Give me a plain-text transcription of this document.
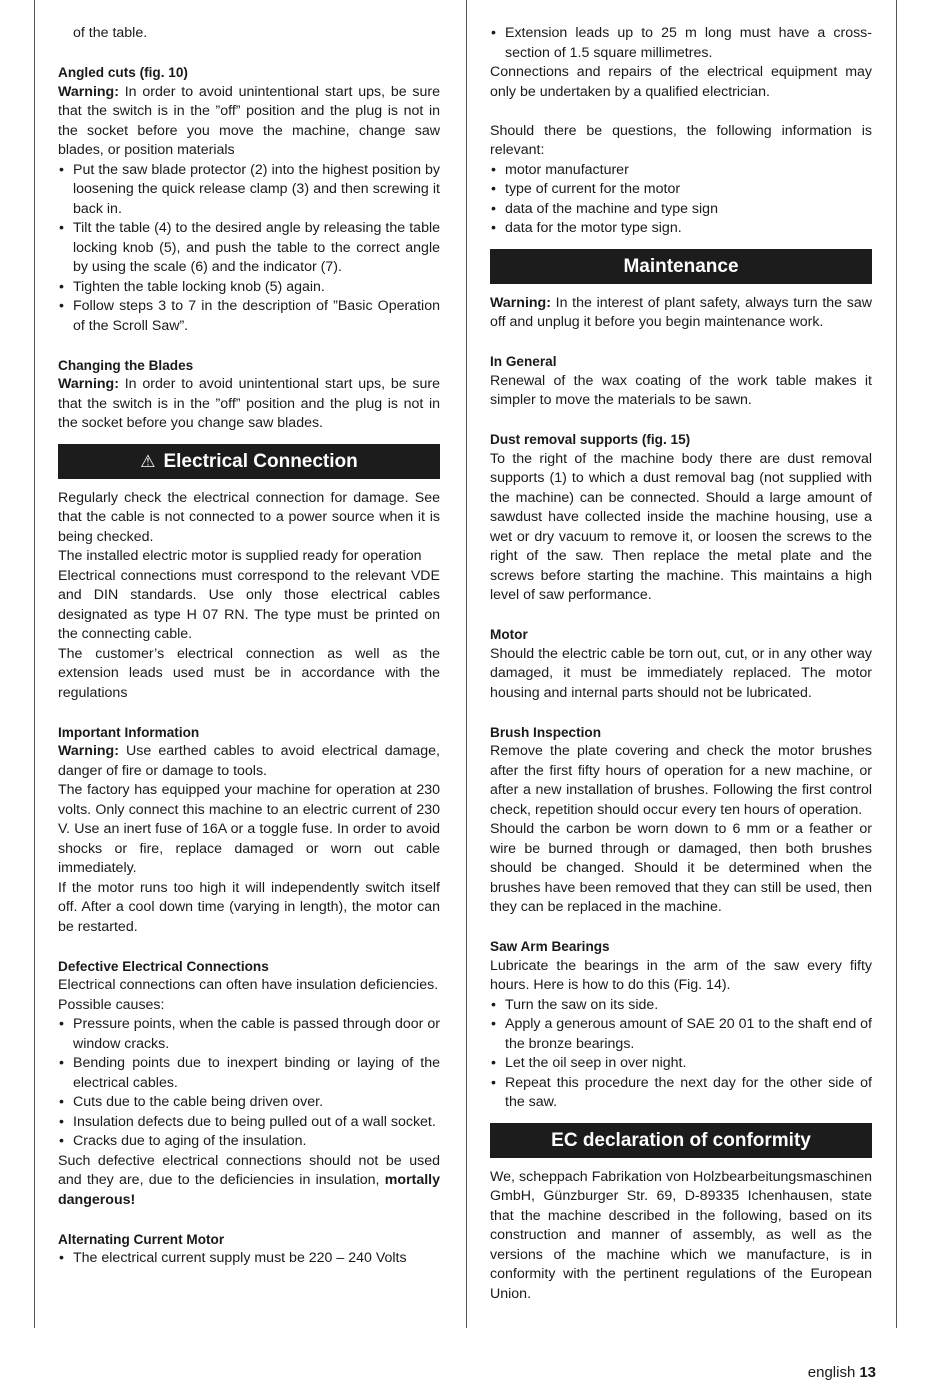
of the table.

Angled cuts (fig. 10)

Warning: In order to avoid unintentional start ups, be sure that the switch is in the ”off” position and the plug is not in the socket before you move the machine, change saw blades, or position materials

• Put the saw blade protector (2) into the highest position by loosening the quick release clamp (3) and then screwing it back in.
• Tilt the table (4) to the desired angle by releasing the table locking knob (5), and push the table to the correct angle by using the scale (6) and the indicator (7).
• Tighten the table locking knob (5) again.
• Follow steps 3 to 7 in the description of ”Basic Operation of the Scroll Saw”.
Changing the Blades

Warning: In order to avoid unintentional start ups, be sure that the switch is in the ”off” position and the plug is not in the socket before you change saw blades.

⚠ Electrical Connection

Regularly check the electrical connection for damage. See that the cable is not connected to a power source when it is being checked.

The installed electric motor is supplied ready for operation

Electrical connections must correspond to the relevant VDE and DIN standards. Use only those electrical cables designated as type H 07 RN. The type must be printed on the connecting cable.

The customer’s electrical connection as well as the extension leads used must be in accordance with the regulations

Important Information

Warning: Use earthed cables to avoid electrical damage, danger of fire or damage to tools.

The factory has equipped your machine for operation at 230 volts. Only connect this machine to an electric current of 230 V. Use an inert fuse of 16A or a toggle fuse. In order to avoid shocks or fire, replace damaged or worn out cable immediately.

If the motor runs too high it will independently switch itself off. After a cool down time (varying in length), the motor can be restarted.

Defective Electrical Connections

Electrical connections can often have insulation deficiencies.

Possible causes:

• Pressure points, when the cable is passed through door or window cracks.
• Bending points due to inexpert binding or laying of the electrical cables.
• Cuts due to the cable being driven over.
• Insulation defects due to being pulled out of a wall socket.
• Cracks due to aging of the insulation.

Such defective electrical connections should not be used and they are, due to the deficiencies in insulation, mortally dangerous!

Alternating Current Motor
• The electrical current supply must be 220 – 240 Volts
• Extension leads up to 25 m long must have a cross-section of 1.5 square millimetres.

Connections and repairs of the electrical equipment may only be undertaken by a qualified electrician.

Should there be questions, the following information is relevant:

• motor manufacturer
• type of current for the motor
• data of the machine and type sign
• data for the motor type sign.
Maintenance

Warning: In the interest of plant safety, always turn the saw off and unplug it before you begin maintenance work.

In General

Renewal of the wax coating of the work table makes it simpler to move the materials to be sawn.

Dust removal supports (fig. 15)

To the right of the machine body there are dust removal supports (1) to which a dust removal bag (not supplied with the machine) can be connected. Should a large amount of sawdust have collected inside the machine housing, use a wet or dry vacuum to remove it, or loosen the screws to the right of the saw. Then replace the metal plate and the screws before starting the machine. This maintains a high level of saw performance.

Motor

Should the electric cable be torn out, cut, or in any other way damaged, it must be immediately replaced. The motor housing and internal parts should not be lubricated.

Brush Inspection

Remove the plate covering and check the motor brushes after the first fifty hours of operation for a new machine, or after a new installation of brushes. Following the first control check, repetition should occur every ten hours of operation.

Should the carbon be worn down to 6 mm or a feather or wire be burned through or damaged, then both brushes should be changed. Should it be determined when the brushes have been removed that they can still be used, then they can be replaced in the machine.

Saw Arm Bearings

Lubricate the bearings in the arm of the saw every fifty hours. Here is how to do this (Fig. 14).

• Turn the saw on its side.
• Apply a generous amount of SAE 20 01 to the shaft end of the bronze bearings.
• Let the oil seep in over night.
• Repeat this procedure the next day for the other side of the saw.
EC declaration of conformity

We, scheppach Fabrikation von Holzbearbeitungsmaschinen GmbH, Günzburger Str. 69, D-89335 Ichenhausen, state that the machine described in the following, based on its construction and manner of assembly, as well as the versions of the machine which we manufacture, is in conformity with the pertinent regulations of the European Union.

english 13
